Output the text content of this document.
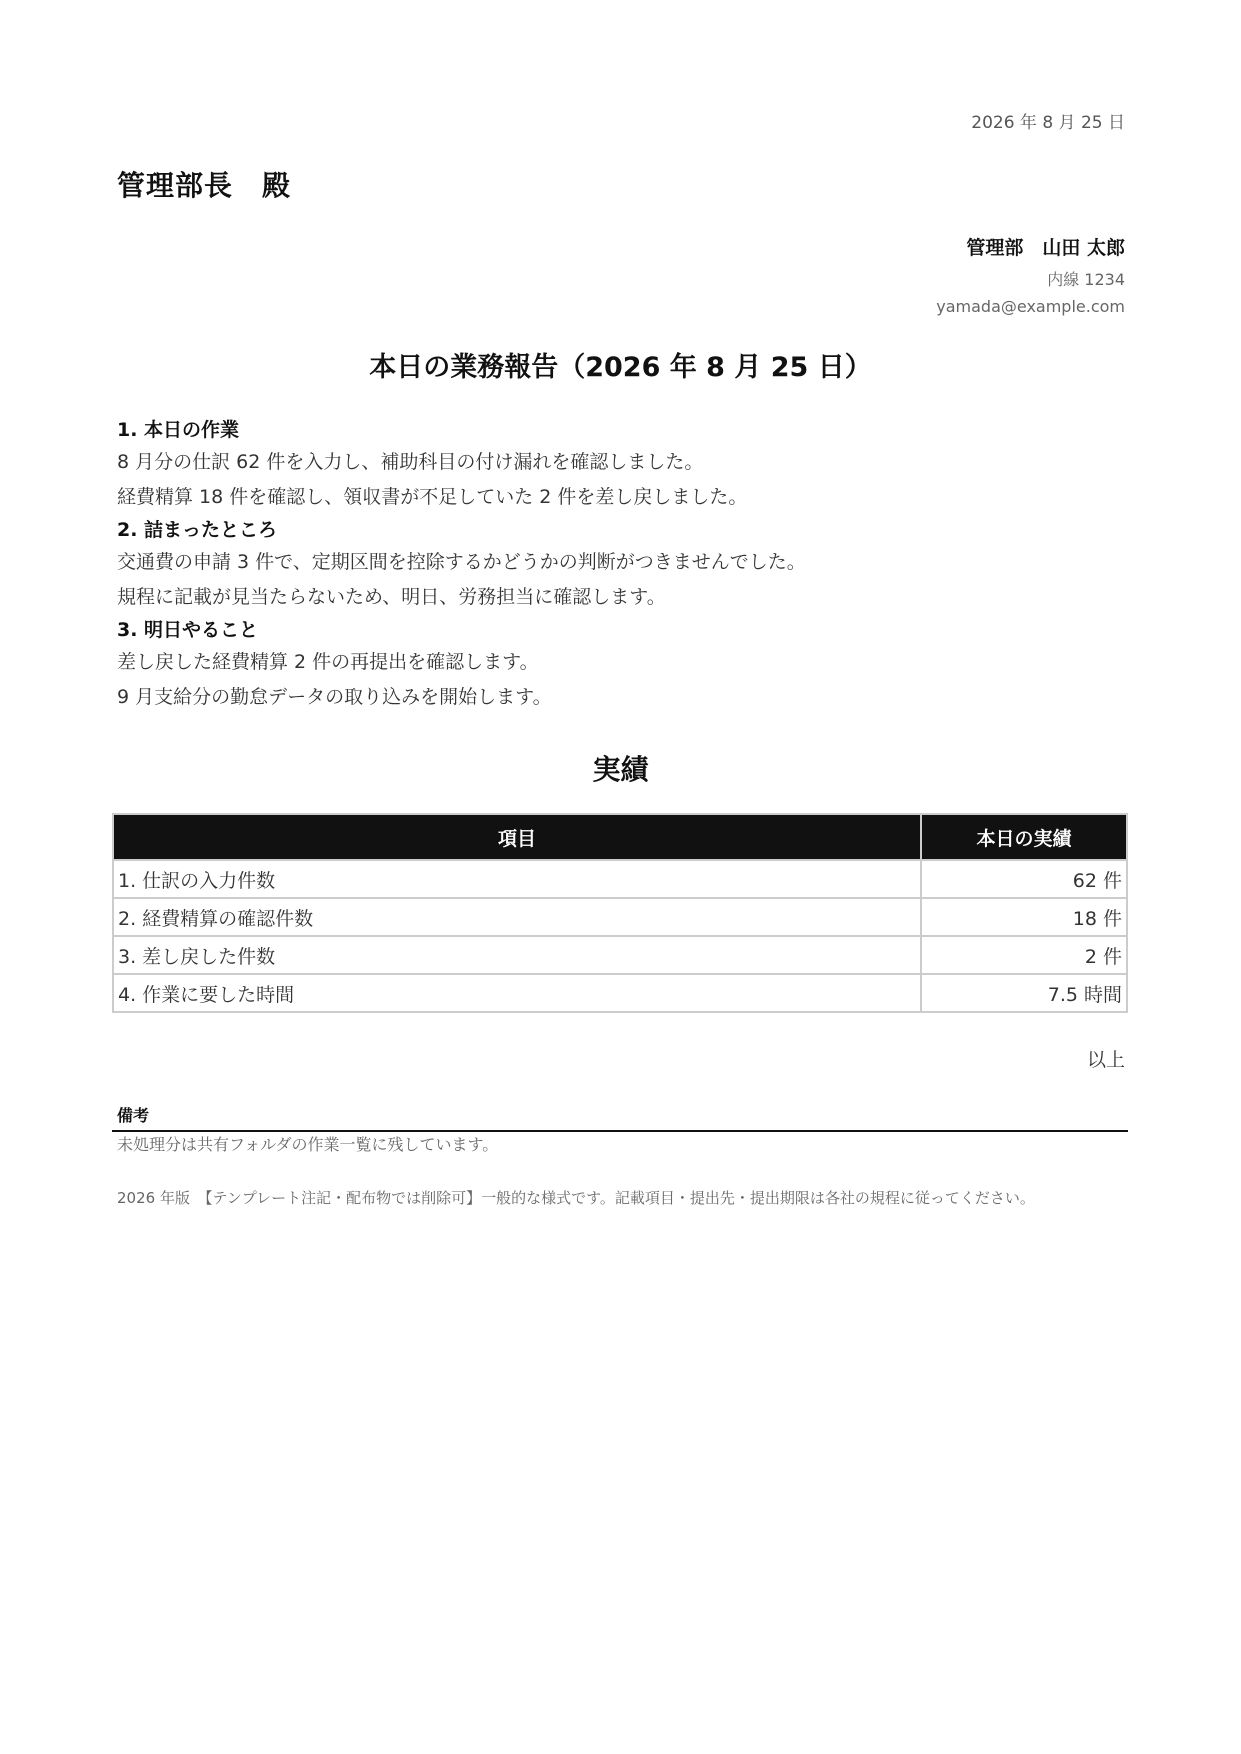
2026 年 8 月 25 日
管理部長　殿
管理部　山田 太郎
内線 1234
yamada@example.com
本日の業務報告（2026 年 8 月 25 日）
1. 本日の作業
8 月分の仕訳 62 件を入力し、補助科目の付け漏れを確認しました。
経費精算 18 件を確認し、領収書が不足していた 2 件を差し戻しました。
2. 詰まったところ
交通費の申請 3 件で、定期区間を控除するかどうかの判断がつきませんでした。
規程に記載が見当たらないため、明日、労務担当に確認します。
3. 明日やること
差し戻した経費精算 2 件の再提出を確認します。
9 月支給分の勤怠データの取り込みを開始します。
実績
項目	本日の実績
1. 仕訳の入力件数	62 件
2. 経費精算の確認件数	18 件
3. 差し戻した件数	2 件
4. 作業に要した時間	7.5 時間
以上
備考
未処理分は共有フォルダの作業一覧に残しています。
2026 年版　【テンプレート注記・配布物では削除可】一般的な様式です。記載項目・提出先・提出期限は各社の規程に従ってください。
